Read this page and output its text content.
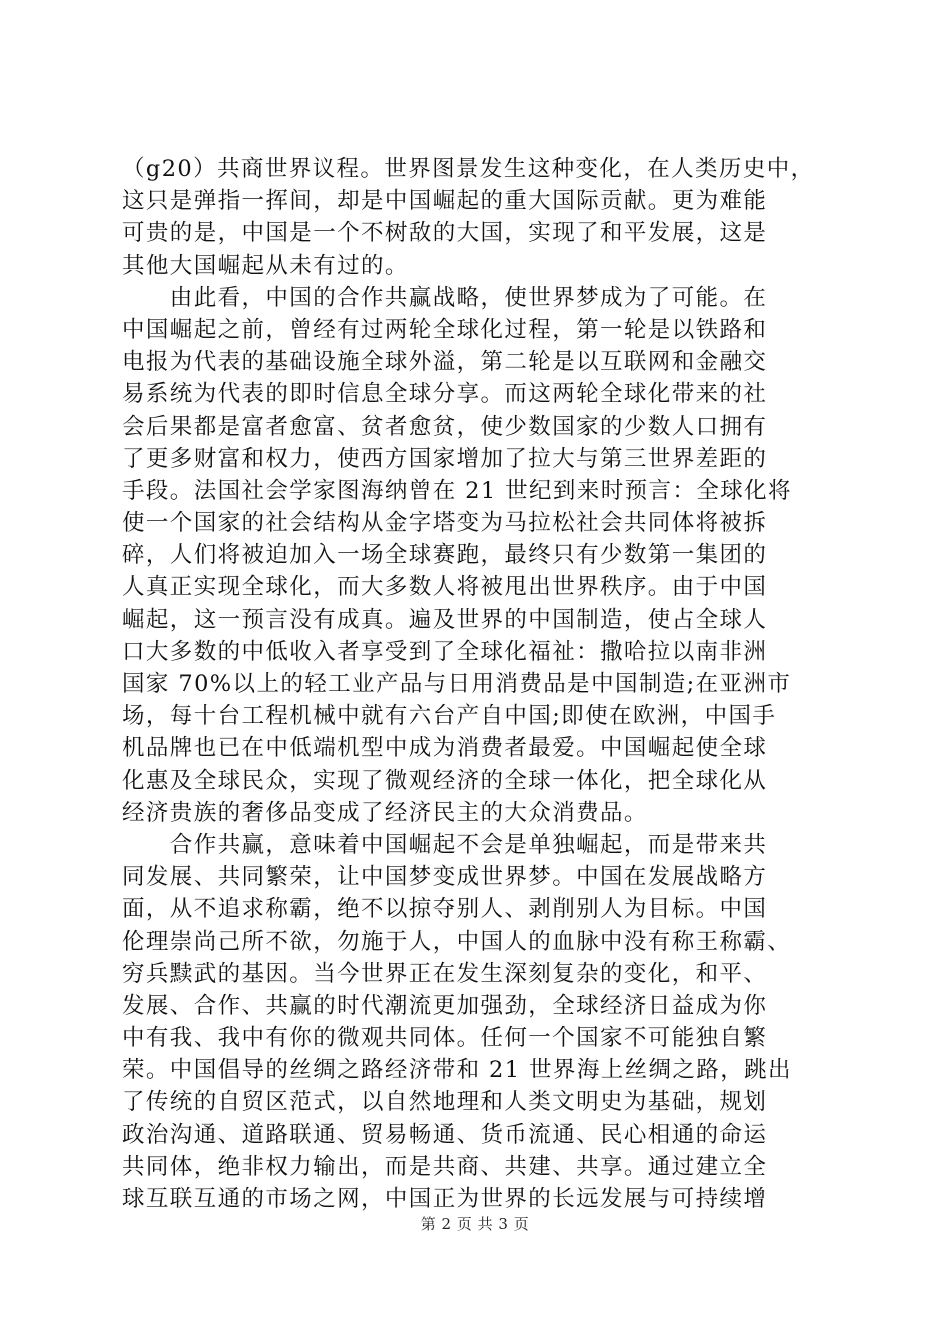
（g20）共商世界议程。世界图景发生这种变化，在人类历史中，
这只是弹指一挥间，却是中国崛起的重大国际贡献。更为难能
可贵的是，中国是一个不树敌的大国，实现了和平发展，这是
其他大国崛起从未有过的。
　　由此看，中国的合作共赢战略，使世界梦成为了可能。在
中国崛起之前，曾经有过两轮全球化过程，第一轮是以铁路和
电报为代表的基础设施全球外溢，第二轮是以互联网和金融交
易系统为代表的即时信息全球分享。而这两轮全球化带来的社
会后果都是富者愈富、贫者愈贫，使少数国家的少数人口拥有
了更多财富和权力，使西方国家增加了拉大与第三世界差距的
手段。法国社会学家图海纳曾在 21 世纪到来时预言：全球化将
使一个国家的社会结构从金字塔变为马拉松社会共同体将被拆
碎，人们将被迫加入一场全球赛跑，最终只有少数第一集团的
人真正实现全球化，而大多数人将被甩出世界秩序。由于中国
崛起，这一预言没有成真。遍及世界的中国制造，使占全球人
口大多数的中低收入者享受到了全球化福祉：撒哈拉以南非洲
国家 70%以上的轻工业产品与日用消费品是中国制造;在亚洲市
场，每十台工程机械中就有六台产自中国;即使在欧洲，中国手
机品牌也已在中低端机型中成为消费者最爱。中国崛起使全球
化惠及全球民众，实现了微观经济的全球一体化，把全球化从
经济贵族的奢侈品变成了经济民主的大众消费品。
　　合作共赢，意味着中国崛起不会是单独崛起，而是带来共
同发展、共同繁荣，让中国梦变成世界梦。中国在发展战略方
面，从不追求称霸，绝不以掠夺别人、剥削别人为目标。中国
伦理崇尚己所不欲，勿施于人，中国人的血脉中没有称王称霸、
穷兵黩武的基因。当今世界正在发生深刻复杂的变化，和平、
发展、合作、共赢的时代潮流更加强劲，全球经济日益成为你
中有我、我中有你的微观共同体。任何一个国家不可能独自繁
荣。中国倡导的丝绸之路经济带和 21 世界海上丝绸之路，跳出
了传统的自贸区范式，以自然地理和人类文明史为基础，规划
政治沟通、道路联通、贸易畅通、货币流通、民心相通的命运
共同体，绝非权力输出，而是共商、共建、共享。通过建立全
球互联互通的市场之网，中国正为世界的长远发展与可持续增
第 2 页 共 3 页
